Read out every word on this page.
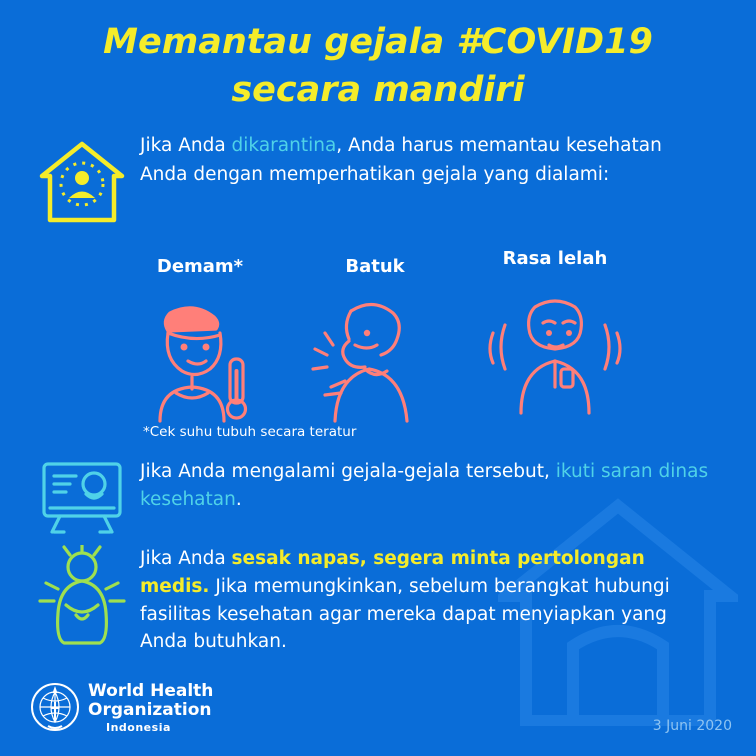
Memantau gejala #COVID19
secara mandiri
Jika Anda dikarantina, Anda harus memantau kesehatan Anda dengan memperhatikan gejala yang dialami:
Demam*	Batuk	Rasa lelah
*Cek suhu tubuh secara teratur
Jika Anda mengalami gejala-gejala tersebut, ikuti saran dinas kesehatan.
Jika Anda sesak napas, segera minta pertolongan medis. Jika memungkinkan, sebelum berangkat hubungi fasilitas kesehatan agar mereka dapat menyiapkan yang Anda butuhkan.
World Health
Organization
Indonesia	3 Juni 2020
